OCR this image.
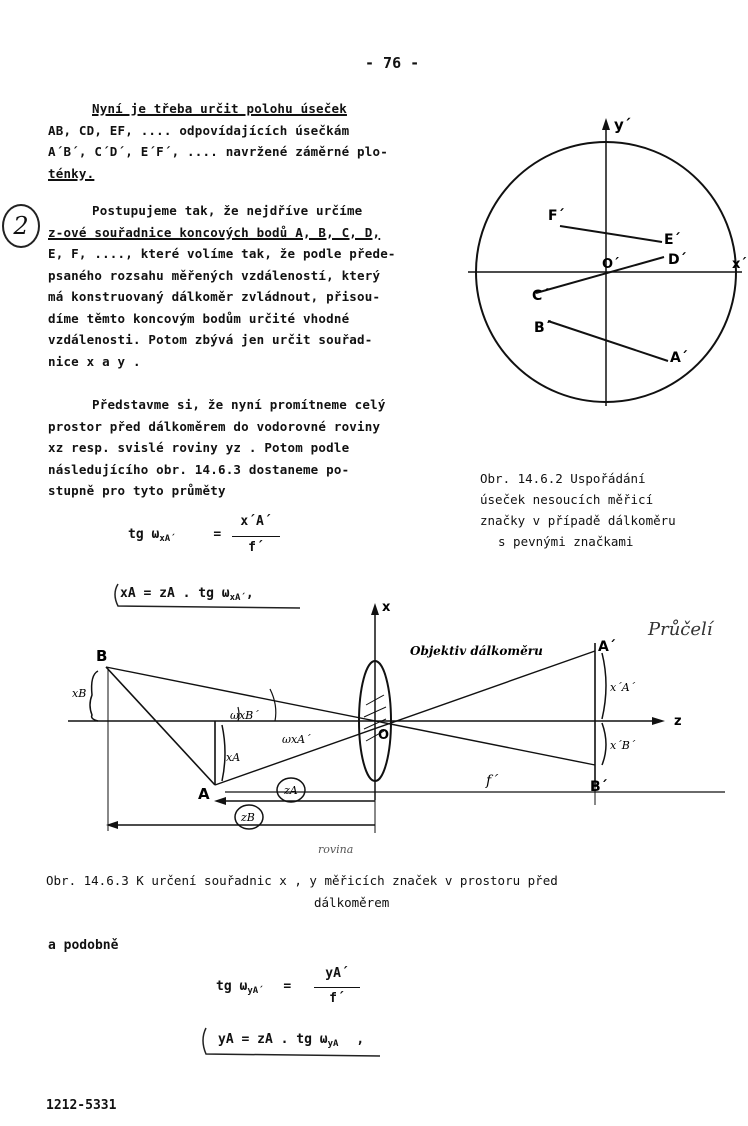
- 76 -
Nyní je třeba určit polohu úseček
AB, CD, EF, .... odpovídajících úsečkám
A´B´, C´D´, E´F´, .... navržené záměrné plo-
ténky.
2
Postupujeme tak, že nejdříve určíme
z-ové souřadnice koncových bodů A, B, C, D,
E, F, ...., které volíme tak, že podle přede-
psaného rozsahu měřených vzdáleností, který
má konstruovaný dálkoměr zvládnout, přisou-
díme těmto koncovým bodům určité vhodné
vzdálenosti. Potom zbývá jen určit souřad-
nice x a y .
Představme si, že nyní promítneme celý
prostor před dálkoměrem do vodorovné roviny
xz resp. svislé roviny yz . Potom podle
následujícího obr. 14.6.3 dostaneme po-
stupně pro tyto průměty
tg $\omega_{xA´}$	=
x´A´
f´
xA = zA . tg $\omega_{xA´}$,
y´
x´
O´
F´
E´
D´
C´
B´
A´
Obr. 14.6.2 Uspořádání
úseček nesoucích měřicí
značky v případě dálkoměru
s pevnými značkami
x
z
B
A
A´
B´
xB
xA
x´A´
x´B´
ωxB´
ωxA´	O
f´
zA
zB
Objektiv dálkoměru
Průčelí
rovina
Obr. 14.6.3 K určení souřadnic x , y měřicích značek v prostoru před
dálkoměrem
a podobně
tg $\omega_{yA´}$ =
yA´
f´
yA = zA . tg $\omega_{yA}$ ,
1212-5331
